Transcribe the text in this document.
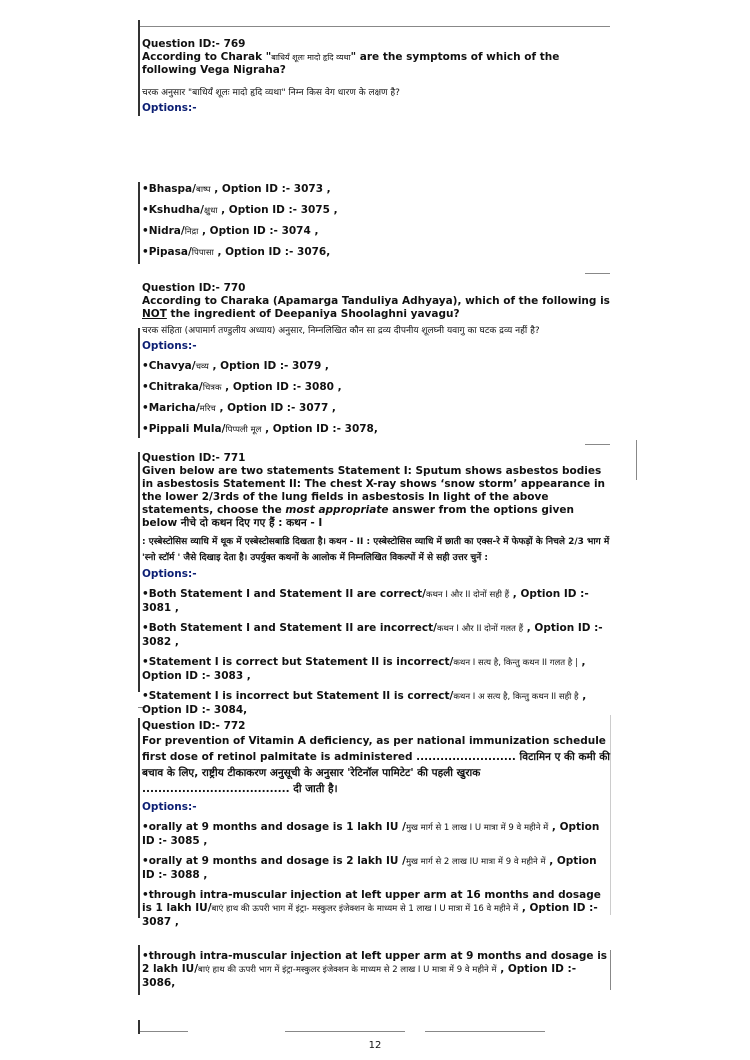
Question ID:- 769
According to Charak "बाधिर्यं शूलः मादो हृदि व्यथा" are the symptoms of which of the following Vega Nigraha?
चरक अनुसार "बाधिर्यं शूलः मादो हृदि व्यथा" निम्न किस वेग धारण के लक्षण है?
Options:-
•Bhaspa/बाष्प , Option ID :- 3073 ,
•Kshudha/क्षुधा , Option ID :- 3075 ,
•Nidra/निद्रा , Option ID :- 3074 ,
•Pipasa/पिपासा , Option ID :- 3076,
Question ID:- 770
According to Charaka (Apamarga Tanduliya Adhyaya), which of the following is NOT the ingredient of Deepaniya Shoolaghni yavagu?
चरक संहिता (अपामार्ग तण्डुलीय अध्याय) अनुसार, निम्नलिखित कौन सा द्रव्य दीपनीय शूलघ्नी यवागु का घटक द्रव्य नहीं है?
Options:-
•Chavya/चव्य , Option ID :- 3079 ,
•Chitraka/चित्रक , Option ID :- 3080 ,
•Maricha/मरिच , Option ID :- 3077 ,
•Pippali Mula/पिप्पली मूल , Option ID :- 3078,
Question ID:- 771
Given below are two statements Statement I: Sputum shows asbestos bodies in asbestosis Statement II: The chest X-ray shows ‘snow storm’ appearance in the lower 2/3rds of the lung fields in asbestosis In light of the above statements, choose the most appropriate answer from the options given below नीचे दो कथन दिए गए हैं : कथन - I
: एस्बेस्टोसिस व्याधि में थूक में एस्बेस्टोसबाडि दिखता है। कथन - II : एस्बेस्टोसिस व्याधि में छाती का एक्स-रे में फेफड़ों के निचले 2/3 भाग में 'स्नो स्टॉर्म ' जैसे दिखाइ देता है। उपर्युक्त कथनों के आलोक में निम्नलिखित विकल्पों में से सही उत्तर चुनें :
Options:-
•Both Statement I and Statement II are correct/कथन I और II दोनों सही हैं , Option ID :- 3081 ,
•Both Statement I and Statement II are incorrect/कथन I और II दोनों गलत हैं , Option ID :- 3082 ,
•Statement I is correct but Statement II is incorrect/कथन I सत्य है, किन्तु कथन II गलत है | , Option ID :- 3083 ,
•Statement I is incorrect but Statement II is correct/कथन I अ सत्य है, किन्तु कथन II सही है , Option ID :- 3084,
Question ID:- 772
For prevention of Vitamin A deficiency, as per national immunization schedule first dose of retinol palmitate is administered ......................... विटामिन ए की कमी की बचाव के लिए, राष्ट्रीय टीकाकरण अनुसूची के अनुसार 'रेटिनॉल पामिटेट' की पहली खुराक ..................................... दी जाती है।
Options:-
•orally at 9 months and dosage is 1 lakh IU /मुख मार्ग से 1 लाख I U मात्रा में 9 वे महीने में , Option ID :- 3085 ,
•orally at 9 months and dosage is 2 lakh IU /मुख मार्ग से 2 लाख IU मात्रा में 9 वे महीने में , Option ID :- 3088 ,
•through intra-muscular injection at left upper arm at 16 months and dosage is 1 lakh IU/बाएं हाथ की ऊपरी भाग में इंट्रा- मस्कुलर इंजेक्शन के माध्यम से 1 लाख I U मात्रा में 16 वे महीने में , Option ID :- 3087 ,
•through intra-muscular injection at left upper arm at 9 months and dosage is 2 lakh IU/बाएं हाथ की ऊपरी भाग में इंट्रा-मस्कुलर इंजेक्शन के माध्यम से 2 लाख I U मात्रा में 9 वे महीने में , Option ID :- 3086,
12
